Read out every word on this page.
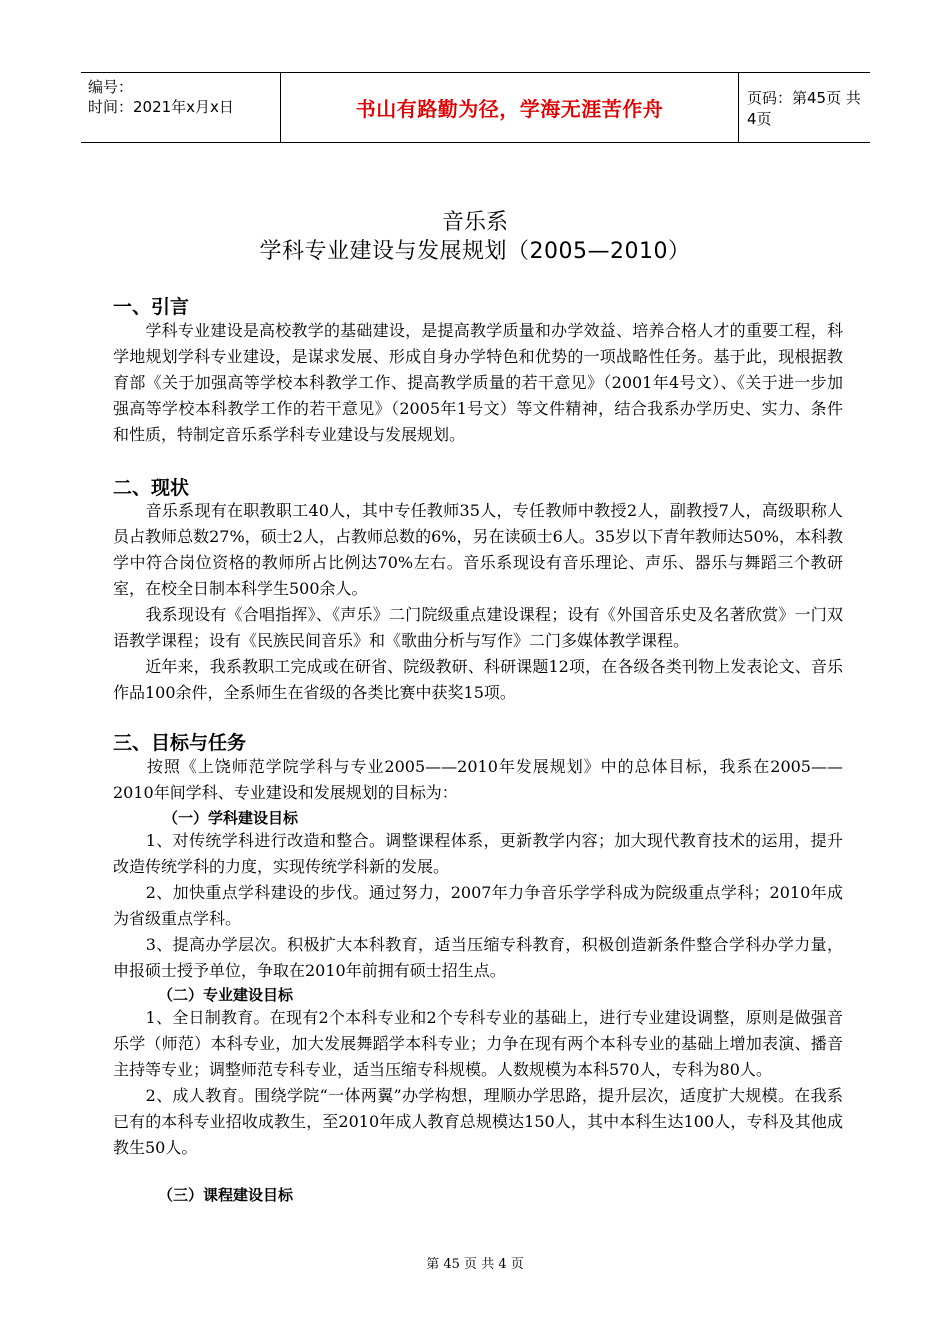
编号：
时间：2021年x月x日	书山有路勤为径，学海无涯苦作舟	页码：第45页 共4页
音乐系
学科专业建设与发展规划（2005—2010）
一、引言

　　学科专业建设是高校教学的基础建设，是提高教学质量和办学效益、培养合格人才的重要工程，科学地规划学科专业建设，是谋求发展、形成自身办学特色和优势的一项战略性任务。基于此，现根据教育部《关于加强高等学校本科教学工作、提高教学质量的若干意见》（2001年4号文）、《关于进一步加强高等学校本科教学工作的若干意见》（2005年1号文）等文件精神，结合我系办学历史、实力、条件和性质，特制定音乐系学科专业建设与发展规划。

二、现状

　　音乐系现有在职教职工40人，其中专任教师35人，专任教师中教授2人，副教授7人，高级职称人员占教师总数27%，硕士2人，占教师总数的6%，另在读硕士6人。35岁以下青年教师达50%，本科教学中符合岗位资格的教师所占比例达70%左右。音乐系现设有音乐理论、声乐、器乐与舞蹈三个教研室，在校全日制本科学生500余人。

　　我系现设有《合唱指挥》、《声乐》二门院级重点建设课程；设有《外国音乐史及名著欣赏》一门双语教学课程；设有《民族民间音乐》和《歌曲分析与写作》二门多媒体教学课程。

　　近年来，我系教职工完成或在研省、院级教研、科研课题12项，在各级各类刊物上发表论文、音乐作品100余件，全系师生在省级的各类比赛中获奖15项。

三、目标与任务

　　按照《上饶师范学院学科与专业2005——2010年发展规划》中的总体目标，我系在2005——2010年间学科、专业建设和发展规划的目标为：

（一）学科建设目标

　　1、对传统学科进行改造和整合。调整课程体系，更新教学内容；加大现代教育技术的运用，提升改造传统学科的力度，实现传统学科新的发展。

　　2、加快重点学科建设的步伐。通过努力，2007年力争音乐学学科成为院级重点学科；2010年成为省级重点学科。

　　3、提高办学层次。积极扩大本科教育，适当压缩专科教育，积极创造新条件整合学科办学力量，申报硕士授予单位，争取在2010年前拥有硕士招生点。

（二）专业建设目标

　　1、全日制教育。在现有2个本科专业和2个专科专业的基础上，进行专业建设调整，原则是做强音乐学（师范）本科专业，加大发展舞蹈学本科专业；力争在现有两个本科专业的基础上增加表演、播音主持等专业；调整师范专科专业，适当压缩专科规模。人数规模为本科570人，专科为80人。

　　2、成人教育。围绕学院“一体两翼”办学构想，理顺办学思路，提升层次，适度扩大规模。在我系已有的本科专业招收成教生，至2010年成人教育总规模达150人，其中本科生达100人，专科及其他成教生50人。

（三）课程建设目标
第 45 页 共 4 页
